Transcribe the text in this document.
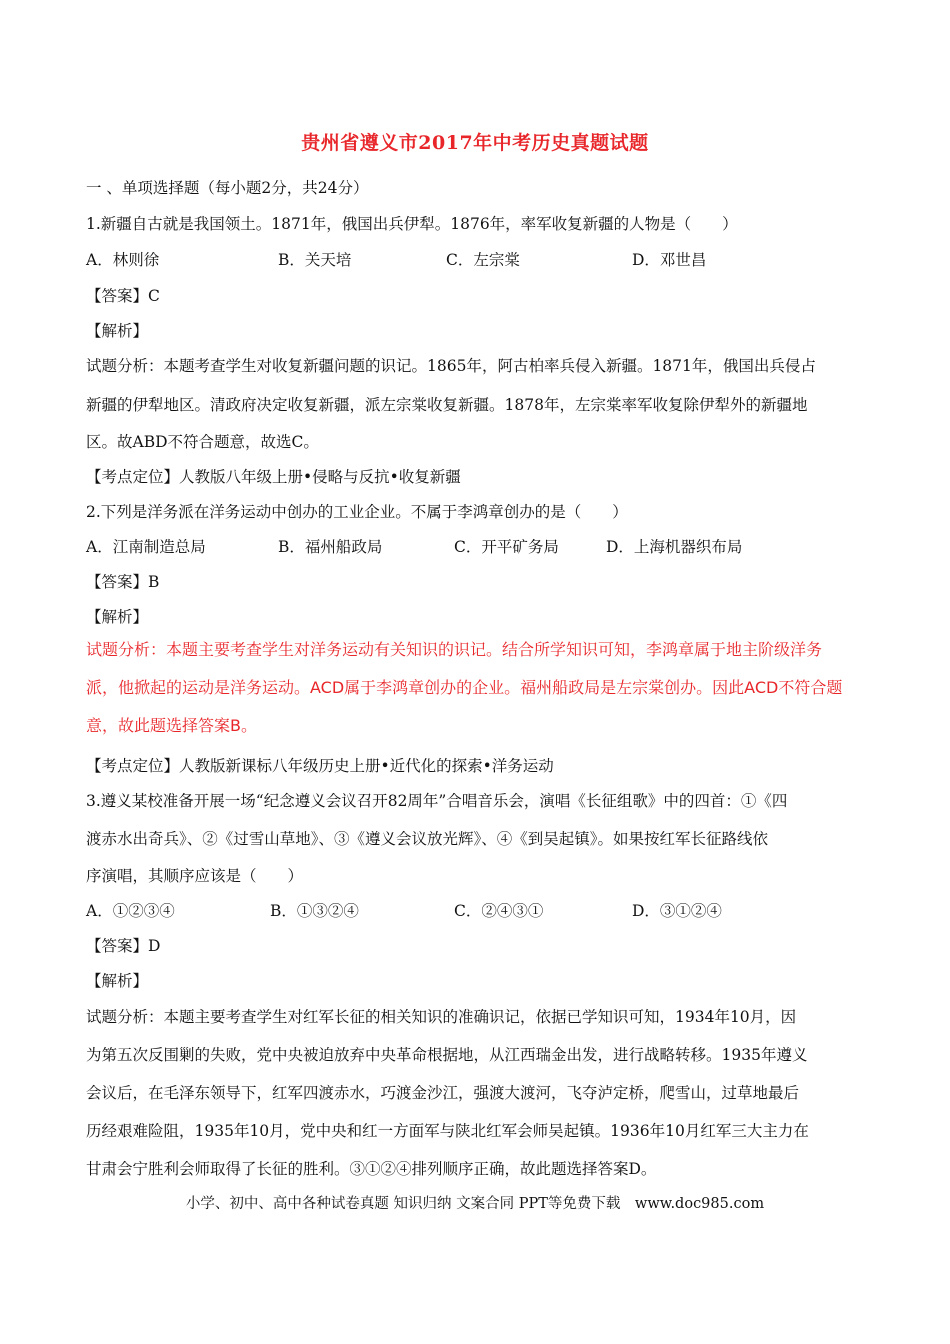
贵州省遵义市2017年中考历史真题试题
一 、单项选择题（每小题2分，共24分）
1.新疆自古就是我国领土。1871年，俄国出兵伊犁。1876年，率军收复新疆的人物是（　　）
A．林则徐	B．关天培	C．左宗棠	D．邓世昌
【答案】C
【解析】
试题分析：本题考查学生对收复新疆问题的识记。1865年，阿古柏率兵侵入新疆。1871年，俄国出兵侵占
新疆的伊犁地区。清政府决定收复新疆，派左宗棠收复新疆。1878年，左宗棠率军收复除伊犁外的新疆地
区。故ABD不符合题意，故选C。
【考点定位】人教版八年级上册•侵略与反抗•收复新疆
2.下列是洋务派在洋务运动中创办的工业企业。不属于李鸿章创办的是（　　）
A．江南制造总局	B．福州船政局	C．开平矿务局	D．上海机器织布局
【答案】B
【解析】
试题分析：本题主要考查学生对洋务运动有关知识的识记。结合所学知识可知，李鸿章属于地主阶级洋务
派，他掀起的运动是洋务运动。ACD属于李鸿章创办的企业。福州船政局是左宗棠创办。因此ACD不符合题
意，故此题选择答案B。
【考点定位】人教版新课标八年级历史上册•近代化的探索•洋务运动
3.遵义某校准备开展一场“纪念遵义会议召开82周年”合唱音乐会，演唱《长征组歌》中的四首：①《四
渡赤水出奇兵》、②《过雪山草地》、③《遵义会议放光辉》、④《到吴起镇》。如果按红军长征路线依
序演唱，其顺序应该是（　　）
A．①②③④	B．①③②④	C．②④③①	D．③①②④
【答案】D
【解析】
试题分析：本题主要考查学生对红军长征的相关知识的准确识记，依据已学知识可知，1934年10月，因
为第五次反围剿的失败，党中央被迫放弃中央革命根据地，从江西瑞金出发，进行战略转移。1935年遵义
会议后，在毛泽东领导下，红军四渡赤水，巧渡金沙江，强渡大渡河，飞夺泸定桥，爬雪山，过草地最后
历经艰难险阻，1935年10月，党中央和红一方面军与陕北红军会师吴起镇。1936年10月红军三大主力在
甘肃会宁胜利会师取得了长征的胜利。③①②④排列顺序正确，故此题选择答案D。
小学、初中、高中各种试卷真题 知识归纳 文案合同 PPT等免费下载　www.doc985.com
